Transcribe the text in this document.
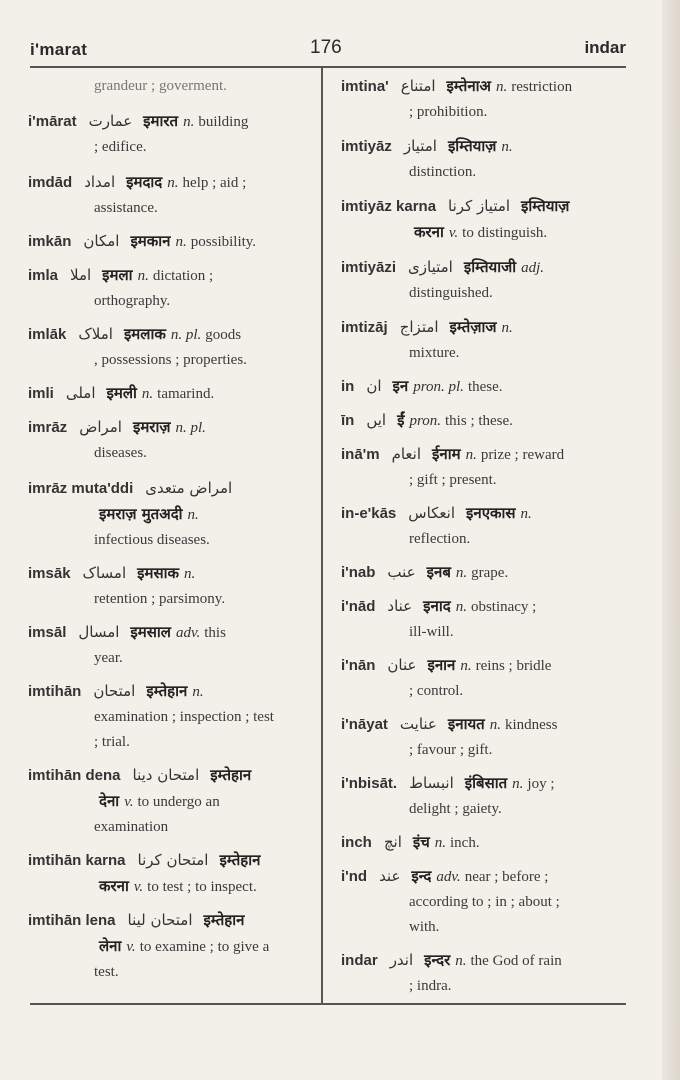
i'marat	176	indar
grandeur ; goverment.
i'mārat عمارت इमारत n. building
; edifice.
imdād امداد इमदाद n. help ; aid ;
assistance.
imkān امکان इमकान n. possibility.
imla املا इमला n. dictation ;
orthography.
imlāk املاک इमलाक n. pl. goods
, possessions ; properties.
imli املی इमली n. tamarind.
imrāz امراض इमराज़ n. pl.
diseases.
imrāz muta'ddi امراض متعدی
इमराज़ मुतअदी n.
infectious diseases.
imsāk امساک इमसाक n.
retention ; parsimony.
imsāl امسال इमसाल adv. this
year.
imtihān امتحان इम्तेहान n.
examination ; inspection ; test
; trial.
imtihān dena امتحان دینا इम्तेहान
देना v. to undergo an
examination
imtihān karna امتحان کرنا इम्तेहान
करना v. to test ; to inspect.
imtihān lena امتحان لینا इम्तेहान
लेना v. to examine ; to give a
test.
imtina' امتناع इम्तेनाअ n. restriction
; prohibition.
imtiyāz امتیاز इम्तियाज़ n.
distinction.
imtiyāz karna امتیاز کرنا इम्तियाज़
करना v. to distinguish.
imtiyāzi امتیازی इम्तियाजी adj.
distinguished.
imtizāj امتزاج इम्तेज़ाज n.
mixture.
in ان इन pron. pl. these.
īn ایں ईं pron. this ; these.
inā'm انعام ईनाम n. prize ; reward
; gift ; present.
in-e'kās انعکاس इनएकास n.
reflection.
i'nab عنب इनब n. grape.
i'nād عناد इनाद n. obstinacy ;
ill-will.
i'nān عنان इनान n. reins ; bridle
; control.
i'nāyat عنایت इनायत n. kindness
; favour ; gift.
i'nbisāt. انبساط इंबिसात n. joy ;
delight ; gaiety.
inch انچ इंच n. inch.
i'nd عند इन्द adv. near ; before ;
according to ; in ; about ;
with.
indar اندر इन्दर n. the God of rain
; indra.
